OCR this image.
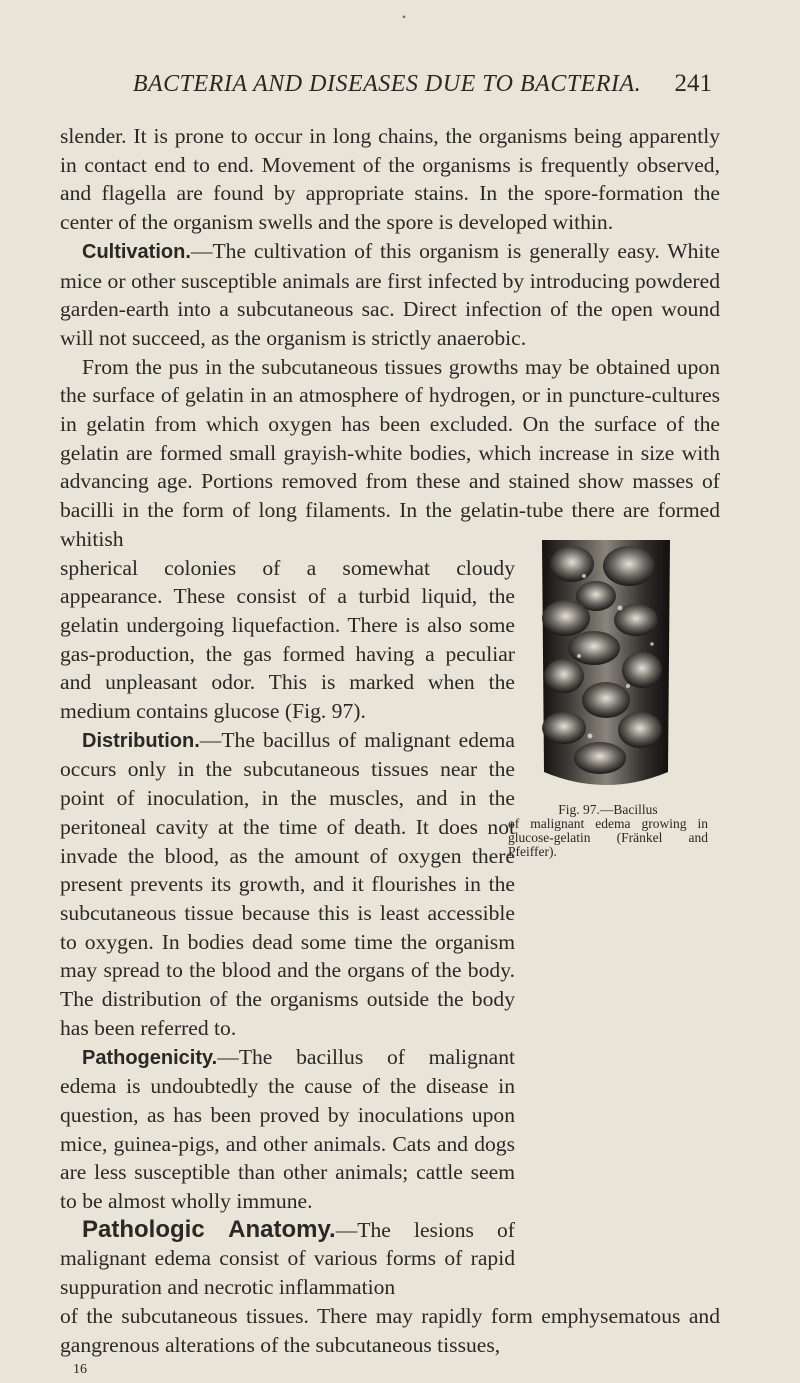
•
BACTERIA AND DISEASES DUE TO BACTERIA.	241

slender. It is prone to occur in long chains, the organisms being apparently in contact end to end. Movement of the organisms is frequently observed, and flagella are found by appropriate stains. In the spore-formation the center of the organism swells and the spore is developed within.

Cultivation.—The cultivation of this organism is generally easy. White mice or other susceptible animals are first infected by introducing powdered garden-earth into a subcutaneous sac. Direct infection of the open wound will not succeed, as the organism is strictly anaerobic.

From the pus in the subcutaneous tissues growths may be obtained upon the surface of gelatin in an atmosphere of hydrogen, or in puncture-cultures in gelatin from which oxygen has been excluded. On the surface of the gelatin are formed small grayish-white bodies, which increase in size with advancing age. Portions removed from these and stained show masses of bacilli in the form of long filaments. In the gelatin-tube there are formed whitish

spherical colonies of a somewhat cloudy appearance. These consist of a turbid liquid, the gelatin undergoing liquefaction. There is also some gas-production, the gas formed having a peculiar and unpleasant odor. This is marked when the medium contains glucose (Fig. 97).

Distribution.—The bacillus of malignant edema occurs only in the subcutaneous tissues near the point of inoculation, in the muscles, and in the peritoneal cavity at the time of death. It does not invade the blood, as the amount of oxygen there present prevents its growth, and it flourishes in the subcutaneous tissue because this is least accessible to oxygen. In bodies dead some time the organism may spread to the blood and the organs of the body. The distribution of the organisms outside the body has been referred to.

Pathogenicity.—The bacillus of malignant edema is undoubtedly the cause of the disease in question, as has been proved by inoculations upon mice, guinea-pigs, and other animals. Cats and dogs are less susceptible than other animals; cattle seem to be almost wholly immune.

Pathologic Anatomy.—The lesions of malignant edema consist of various forms of rapid suppuration and necrotic inflammation

of the subcutaneous tissues. There may rapidly form emphysematous and gangrenous alterations of the subcutaneous tissues,

Fig. 97.—Bacillus
of malignant edema growing in glucose-gelatin (Fränkel and Pfeiffer).
16
